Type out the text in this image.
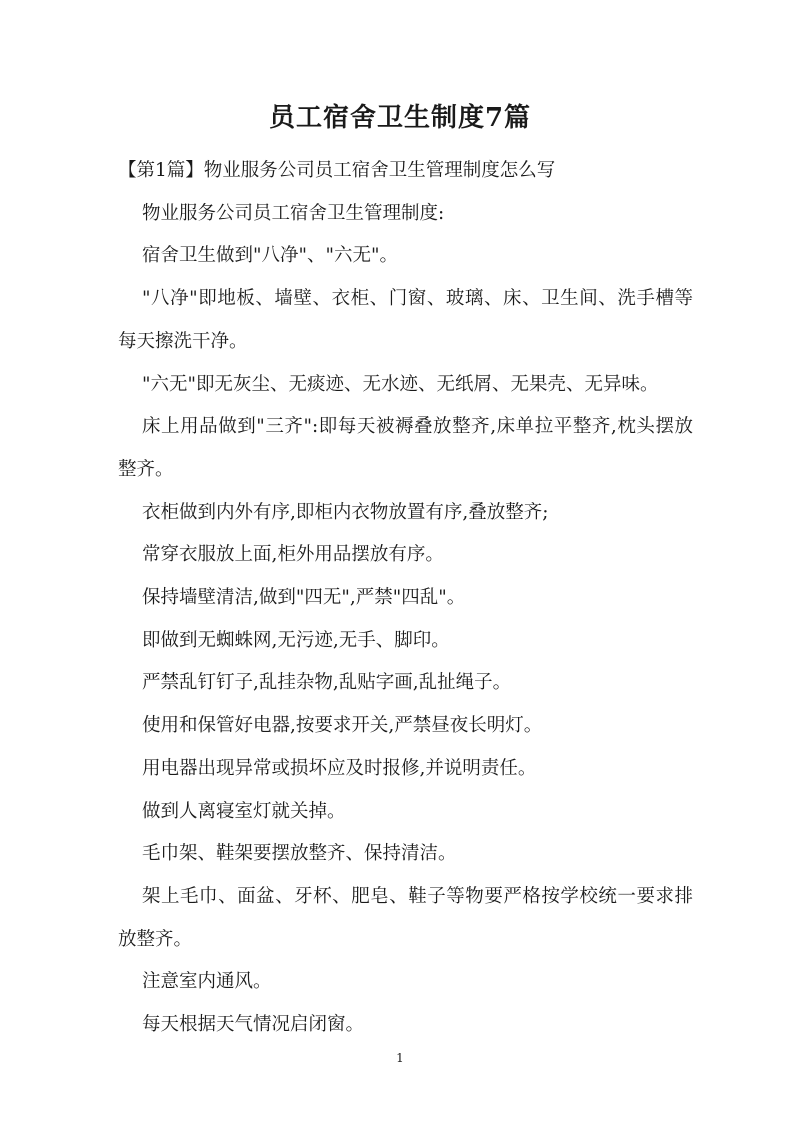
员工宿舍卫生制度7篇

【第1篇】物业服务公司员工宿舍卫生管理制度怎么写

物业服务公司员工宿舍卫生管理制度:

宿舍卫生做到"八净"、"六无"。

"八净"即地板、墙壁、衣柜、门窗、玻璃、床、卫生间、洗手槽等每天擦洗干净。

"六无"即无灰尘、无痰迹、无水迹、无纸屑、无果壳、无异味。

床上用品做到"三齐":即每天被褥叠放整齐,床单拉平整齐,枕头摆放整齐。

衣柜做到内外有序,即柜内衣物放置有序,叠放整齐;

常穿衣服放上面,柜外用品摆放有序。

保持墙壁清洁,做到"四无",严禁"四乱"。

即做到无蜘蛛网,无污迹,无手、脚印。

严禁乱钉钉子,乱挂杂物,乱贴字画,乱扯绳子。

使用和保管好电器,按要求开关,严禁昼夜长明灯。

用电器出现异常或损坏应及时报修,并说明责任。

做到人离寝室灯就关掉。

毛巾架、鞋架要摆放整齐、保持清洁。

架上毛巾、面盆、牙杯、肥皂、鞋子等物要严格按学校统一要求排放整齐。

注意室内通风。

每天根据天气情况启闭窗。

1
